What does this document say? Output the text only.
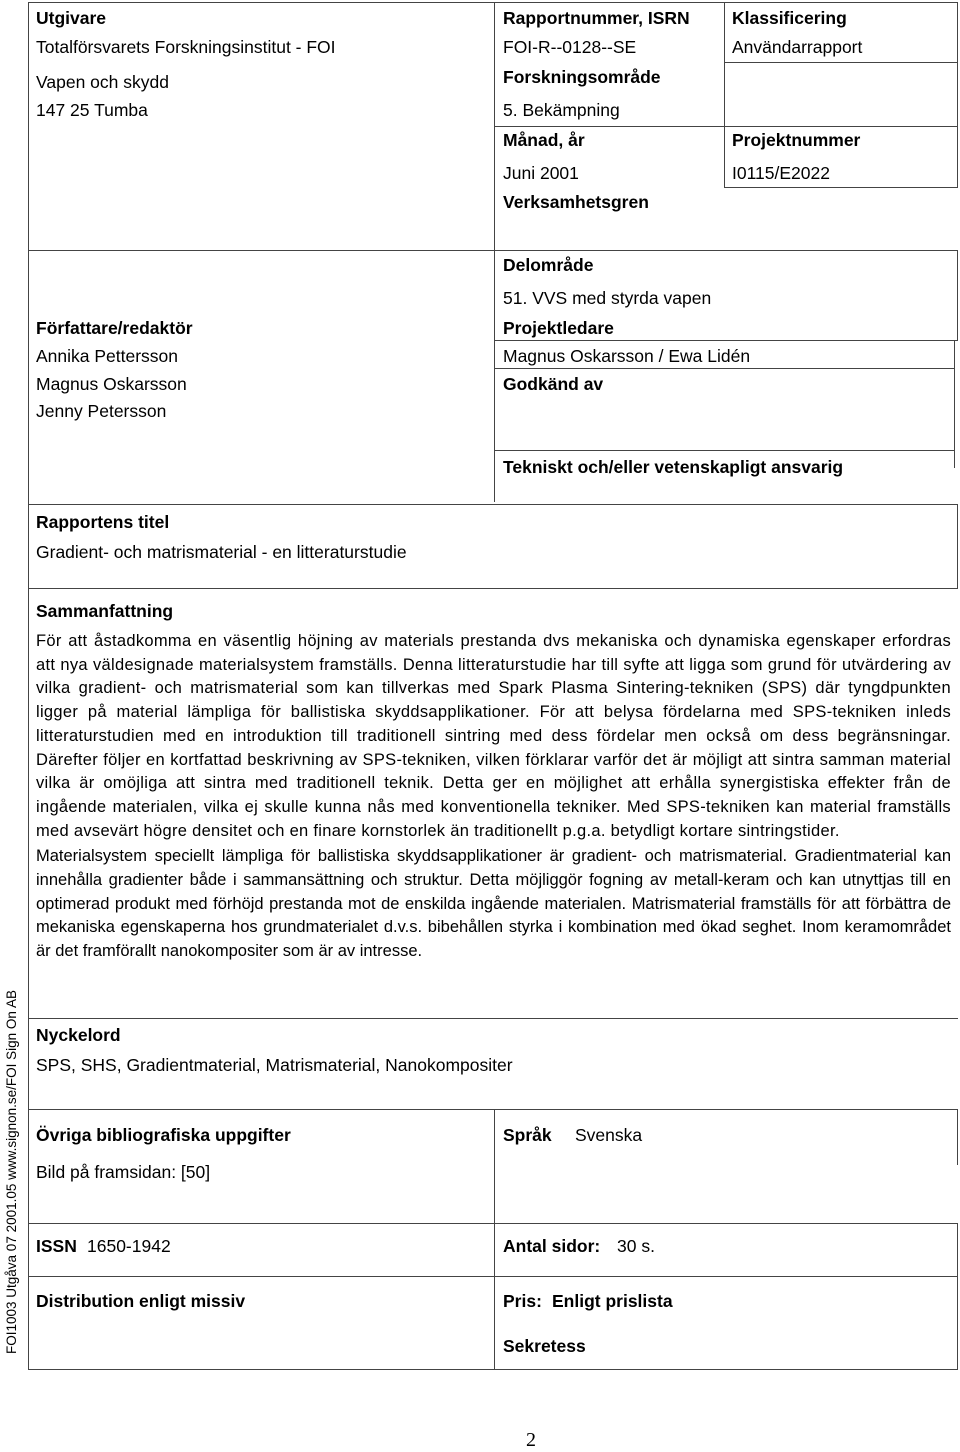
Utgivare
Totalförsvarets Forskningsinstitut - FOI
Vapen och skydd
147 25 Tumba
Rapportnummer, ISRN
FOI-R--0128--SE
Klassificering
Användarrapport
Forskningsområde
5. Bekämpning
Månad, år
Juni 2001
Projektnummer
I0115/E2022
Verksamhetsgren
Delområde
51. VVS med styrda vapen
Författare/redaktör
Annika Pettersson
Magnus Oskarsson
Jenny Petersson
Projektledare
Magnus Oskarsson / Ewa Lidén
Godkänd av
Tekniskt och/eller vetenskapligt ansvarig
Rapportens titel
Gradient- och matrismaterial - en litteraturstudie
Sammanfattning

För att åstadkomma en väsentlig höjning av materials prestanda dvs mekaniska och dynamiska egenskaper erfordras att nya väldesignade materialsystem framställs. Denna litteraturstudie har till syfte att ligga som grund för utvärdering av vilka gradient- och matrismaterial som kan tillverkas med Spark Plasma Sintering-tekniken (SPS) där tyngdpunkten ligger på material lämpliga för ballistiska skyddsapplikationer. För att belysa fördelarna med SPS-tekniken inleds litteraturstudien med en introduktion till traditionell sintring med dess fördelar men också om dess begränsningar. Därefter följer en kortfattad beskrivning av SPS-tekniken, vilken förklarar varför det är möjligt att sintra samman material vilka är omöjliga att sintra med traditionell teknik. Detta ger en möjlighet att erhålla synergistiska effekter från de ingående materialen, vilka ej skulle kunna nås med konventionella tekniker. Med SPS-tekniken kan material framställs med avsevärt högre densitet och en finare kornstorlek än traditionellt p.g.a. betydligt kortare sintringstider.

Materialsystem speciellt lämpliga för ballistiska skyddsapplikationer är gradient- och matrismaterial. Gradientmaterial kan innehålla gradienter både i sammansättning och struktur. Detta möjliggör fogning av metall-keram och kan utnyttjas till en optimerad produkt med förhöjd prestanda mot de enskilda ingående materialen. Matrismaterial framställs för att förbättra de mekaniska egenskaperna hos grundmaterialet d.v.s. bibehållen styrka i kombination med ökad seghet. Inom keramområdet är det framförallt nanokompositer som är av intresse.

Nyckelord
SPS, SHS, Gradientmaterial, Matrismaterial, Nanokompositer
Övriga bibliografiska uppgifter
Bild på framsidan: [50]
Språk Svenska
ISSN 1650-1942	Antal sidor: 30 s.
Distribution enligt missiv	Pris: Enligt prislista
Sekretess
FOI1003 Utgåva 07 2001.05 www.signon.se/FOI Sign On AB
2
